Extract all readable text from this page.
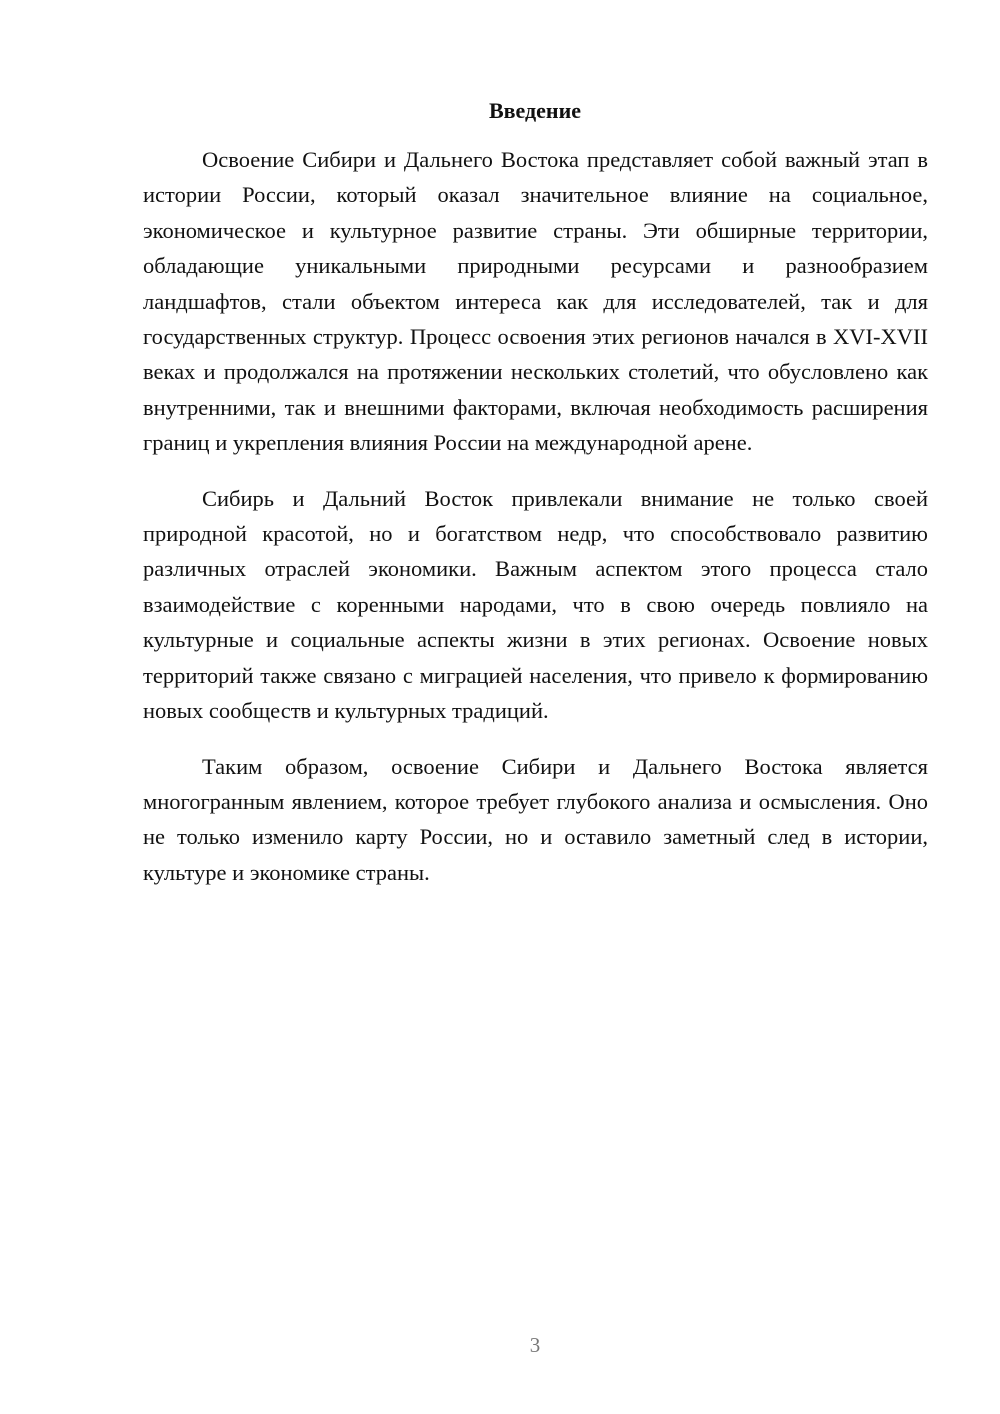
Введение

Освоение Сибири и Дальнего Востока представляет собой важный этап в истории России, который оказал значительное влияние на социальное, экономическое и культурное развитие страны. Эти обширные территории, обладающие уникальными природными ресурсами и разнообразием ландшафтов, стали объектом интереса как для исследователей, так и для государственных структур. Процесс освоения этих регионов начался в XVI-XVII веках и продолжался на протяжении нескольких столетий, что обусловлено как внутренними, так и внешними факторами, включая необходимость расширения границ и укрепления влияния России на международной арене.

Сибирь и Дальний Восток привлекали внимание не только своей природной красотой, но и богатством недр, что способствовало развитию различных отраслей экономики. Важным аспектом этого процесса стало взаимодействие с коренными народами, что в свою очередь повлияло на культурные и социальные аспекты жизни в этих регионах. Освоение новых территорий также связано с миграцией населения, что привело к формированию новых сообществ и культурных традиций.

Таким образом, освоение Сибири и Дальнего Востока является многогранным явлением, которое требует глубокого анализа и осмысления. Оно не только изменило карту России, но и оставило заметный след в истории, культуре и экономике страны.

3
